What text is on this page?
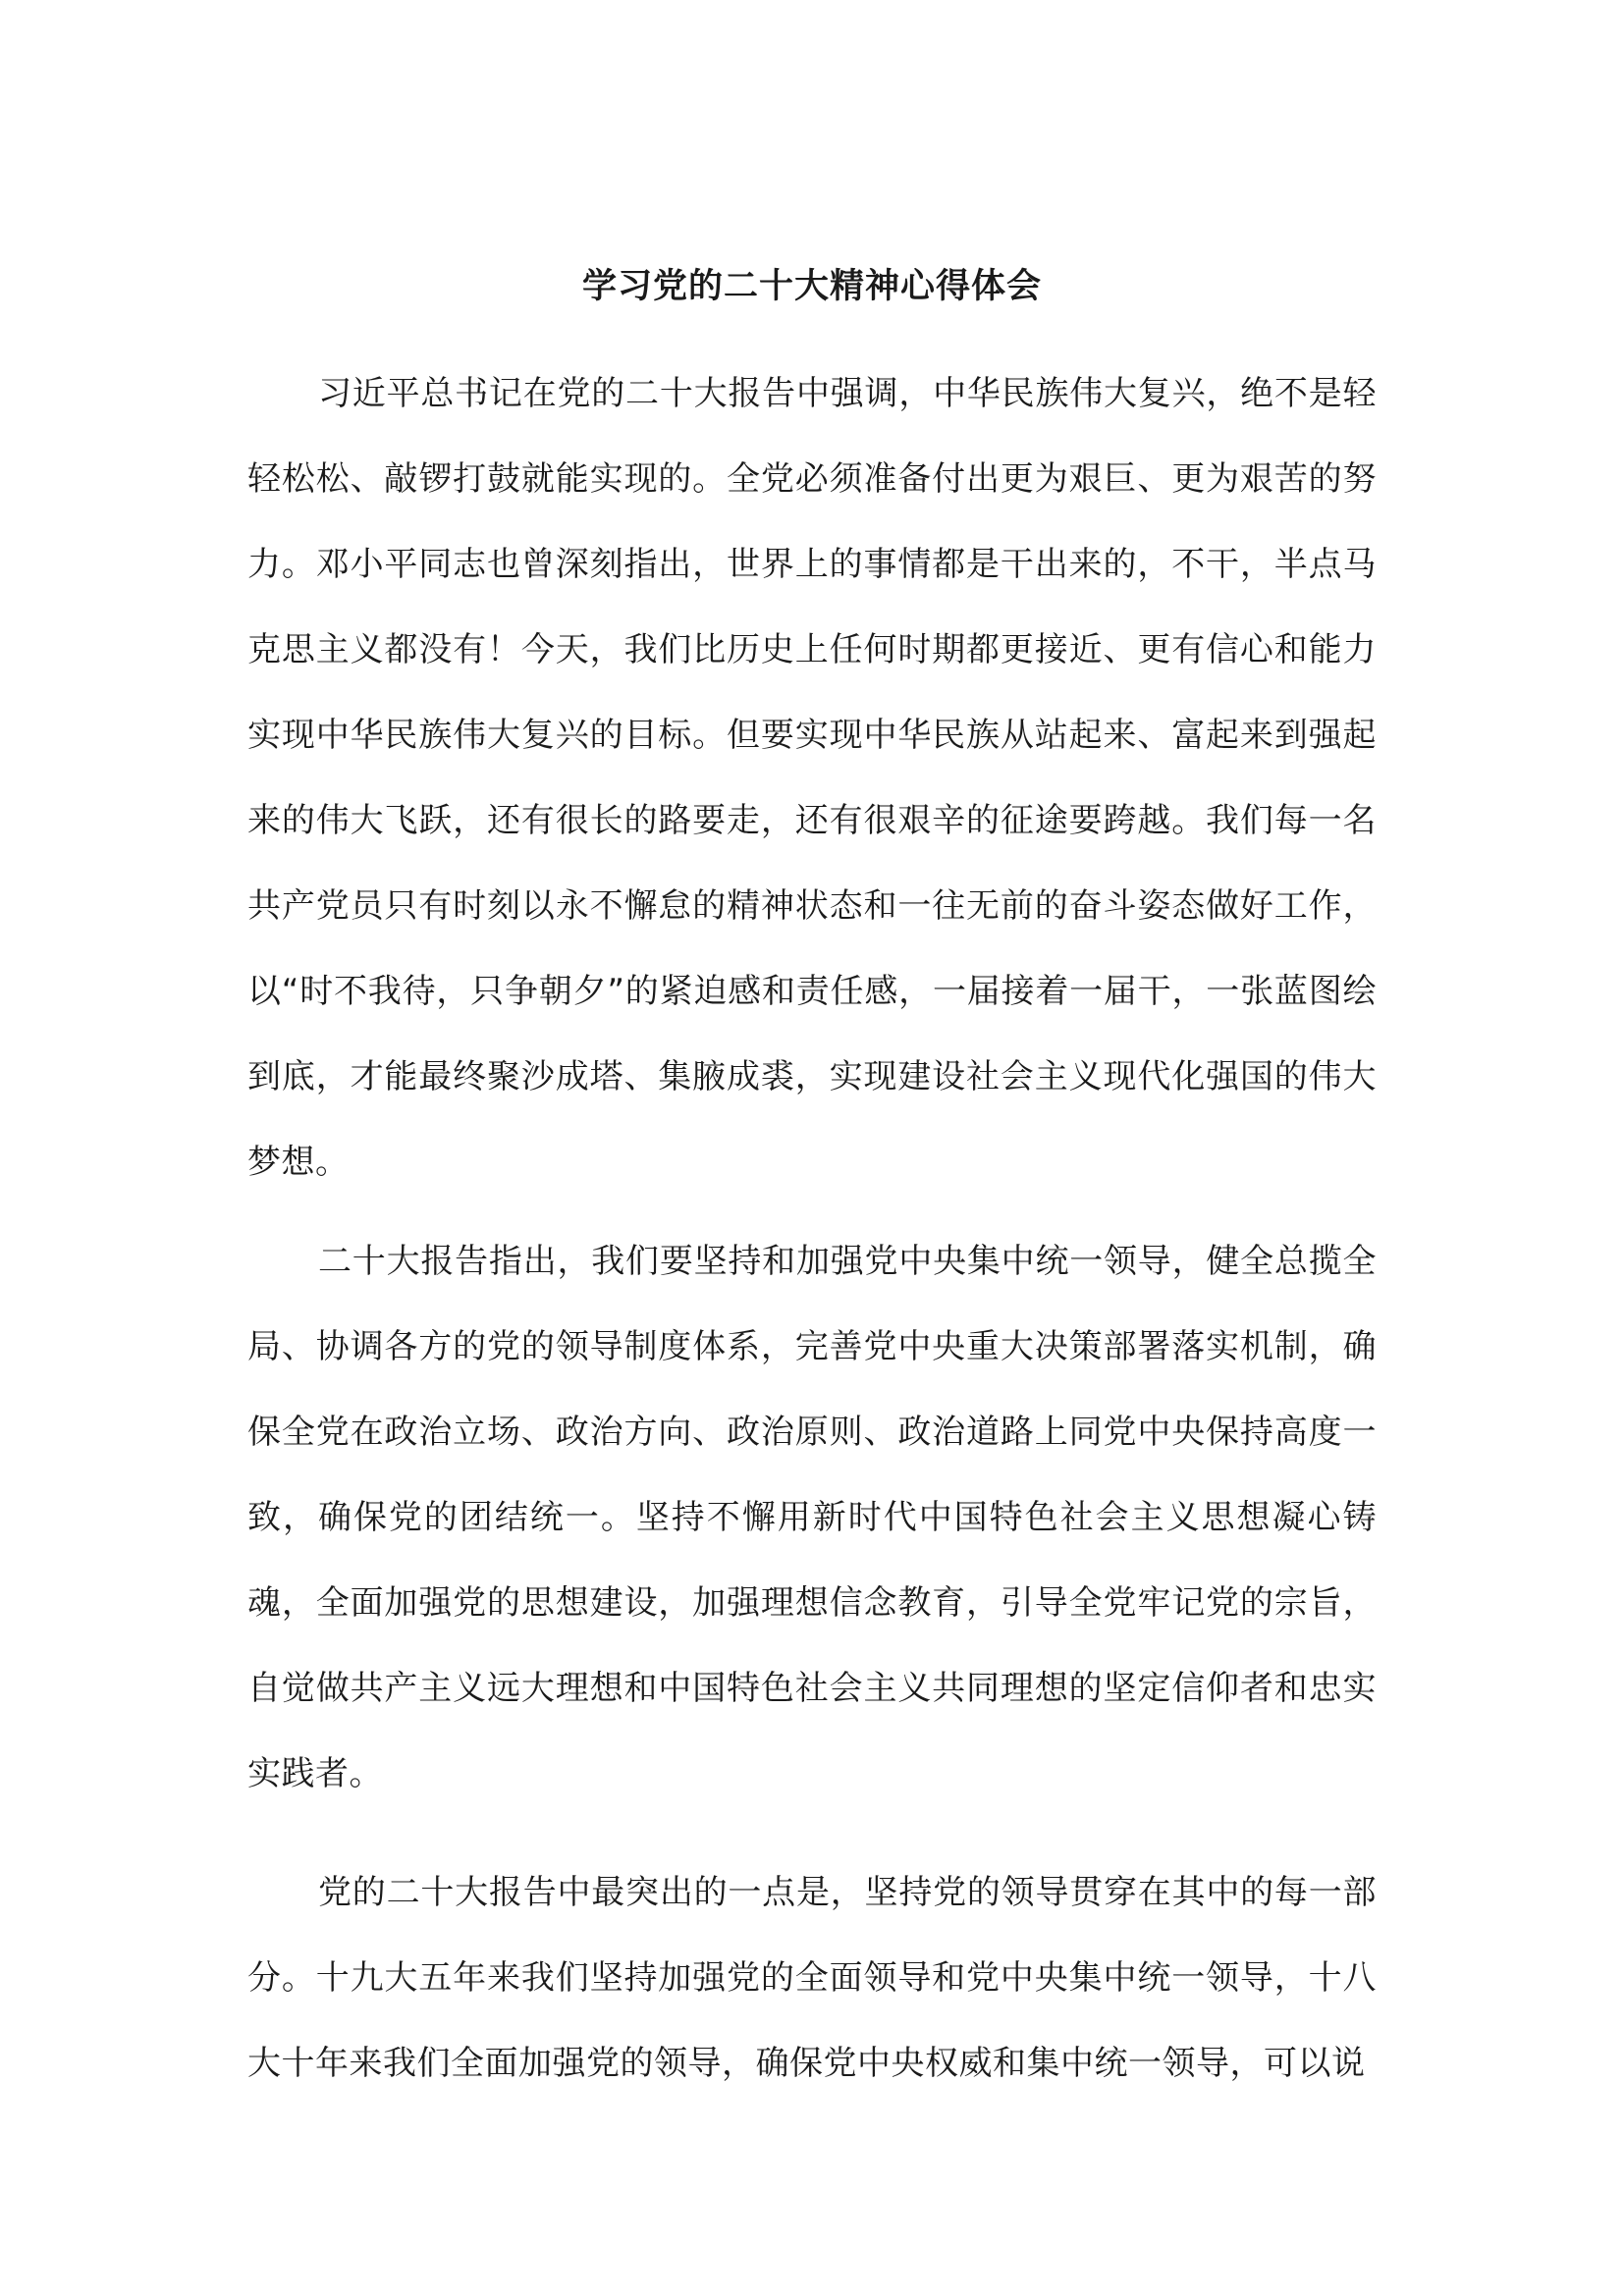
学习党的二十大精神心得体会

习近平总书记在党的二十大报告中强调，中华民族伟大复兴，绝不是轻轻松松、敲锣打鼓就能实现的。全党必须准备付出更为艰巨、更为艰苦的努力。邓小平同志也曾深刻指出，世界上的事情都是干出来的，不干，半点马克思主义都没有！今天，我们比历史上任何时期都更接近、更有信心和能力实现中华民族伟大复兴的目标。但要实现中华民族从站起来、富起来到强起来的伟大飞跃，还有很长的路要走，还有很艰辛的征途要跨越。我们每一名共产党员只有时刻以永不懈怠的精神状态和一往无前的奋斗姿态做好工作，以“时不我待，只争朝夕”的紧迫感和责任感，一届接着一届干，一张蓝图绘到底，才能最终聚沙成塔、集腋成裘，实现建设社会主义现代化强国的伟大梦想。

二十大报告指出，我们要坚持和加强党中央集中统一领导，健全总揽全局、协调各方的党的领导制度体系，完善党中央重大决策部署落实机制，确保全党在政治立场、政治方向、政治原则、政治道路上同党中央保持高度一致，确保党的团结统一。坚持不懈用新时代中国特色社会主义思想凝心铸魂，全面加强党的思想建设，加强理想信念教育，引导全党牢记党的宗旨，自觉做共产主义远大理想和中国特色社会主义共同理想的坚定信仰者和忠实实践者。

党的二十大报告中最突出的一点是，坚持党的领导贯穿在其中的每一部分。十九大五年来我们坚持加强党的全面领导和党中央集中统一领导，十八大十年来我们全面加强党的领导，确保党中央权威和集中统一领导，可以说
